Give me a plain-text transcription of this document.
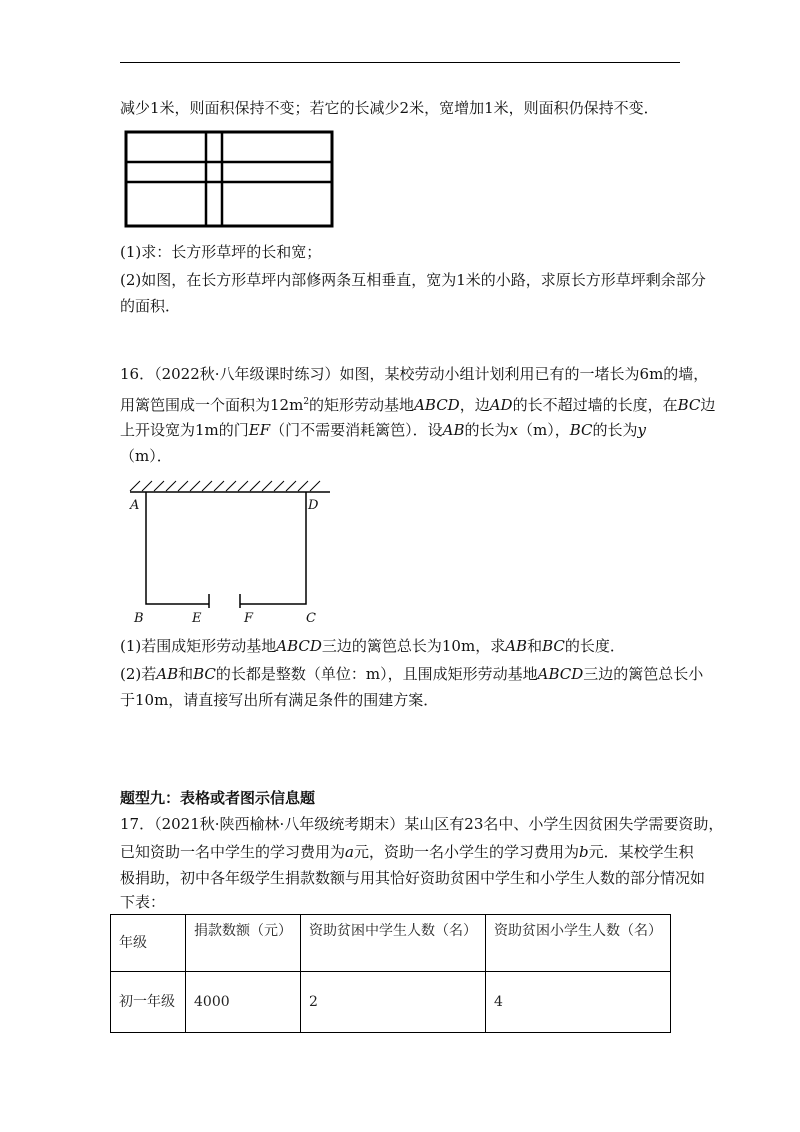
减少1米，则面积保持不变；若它的长减少2米，宽增加1米，则面积仍保持不变．
(1)求：长方形草坪的长和宽；
(2)如图，在长方形草坪内部修两条互相垂直，宽为1米的小路，求原长方形草坪剩余部分
的面积．
16．（2022秋·八年级课时练习）如图，某校劳动小组计划利用已有的一堵长为6m的墙，
用篱笆围成一个面积为$12m^2$的矩形劳动基地ABCD，边AD的长不超过墙的长度，在BC边
上开设宽为1m的门EF（门不需要消耗篱笆）．设AB的长为x（m），BC的长为y
（m）．
A	D
B	E	F	C
(1)若围成矩形劳动基地ABCD三边的篱笆总长为10m，求AB和BC的长度．
(2)若AB和BC的长都是整数（单位：m），且围成矩形劳动基地ABCD三边的篱笆总长小
于10m，请直接写出所有满足条件的围建方案．
题型九：表格或者图示信息题
17．（2021秋·陕西榆林·八年级统考期末）某山区有23名中、小学生因贫困失学需要资助，
已知资助一名中学生的学习费用为a元，资助一名小学生的学习费用为b元．某校学生积
极捐助，初中各年级学生捐款数额与用其恰好资助贫困中学生和小学生人数的部分情况如
下表：
年级	捐款数额（元）	资助贫困中学生人数（名）	资助贫困小学生人数（名）
初一年级	4000	2	4
